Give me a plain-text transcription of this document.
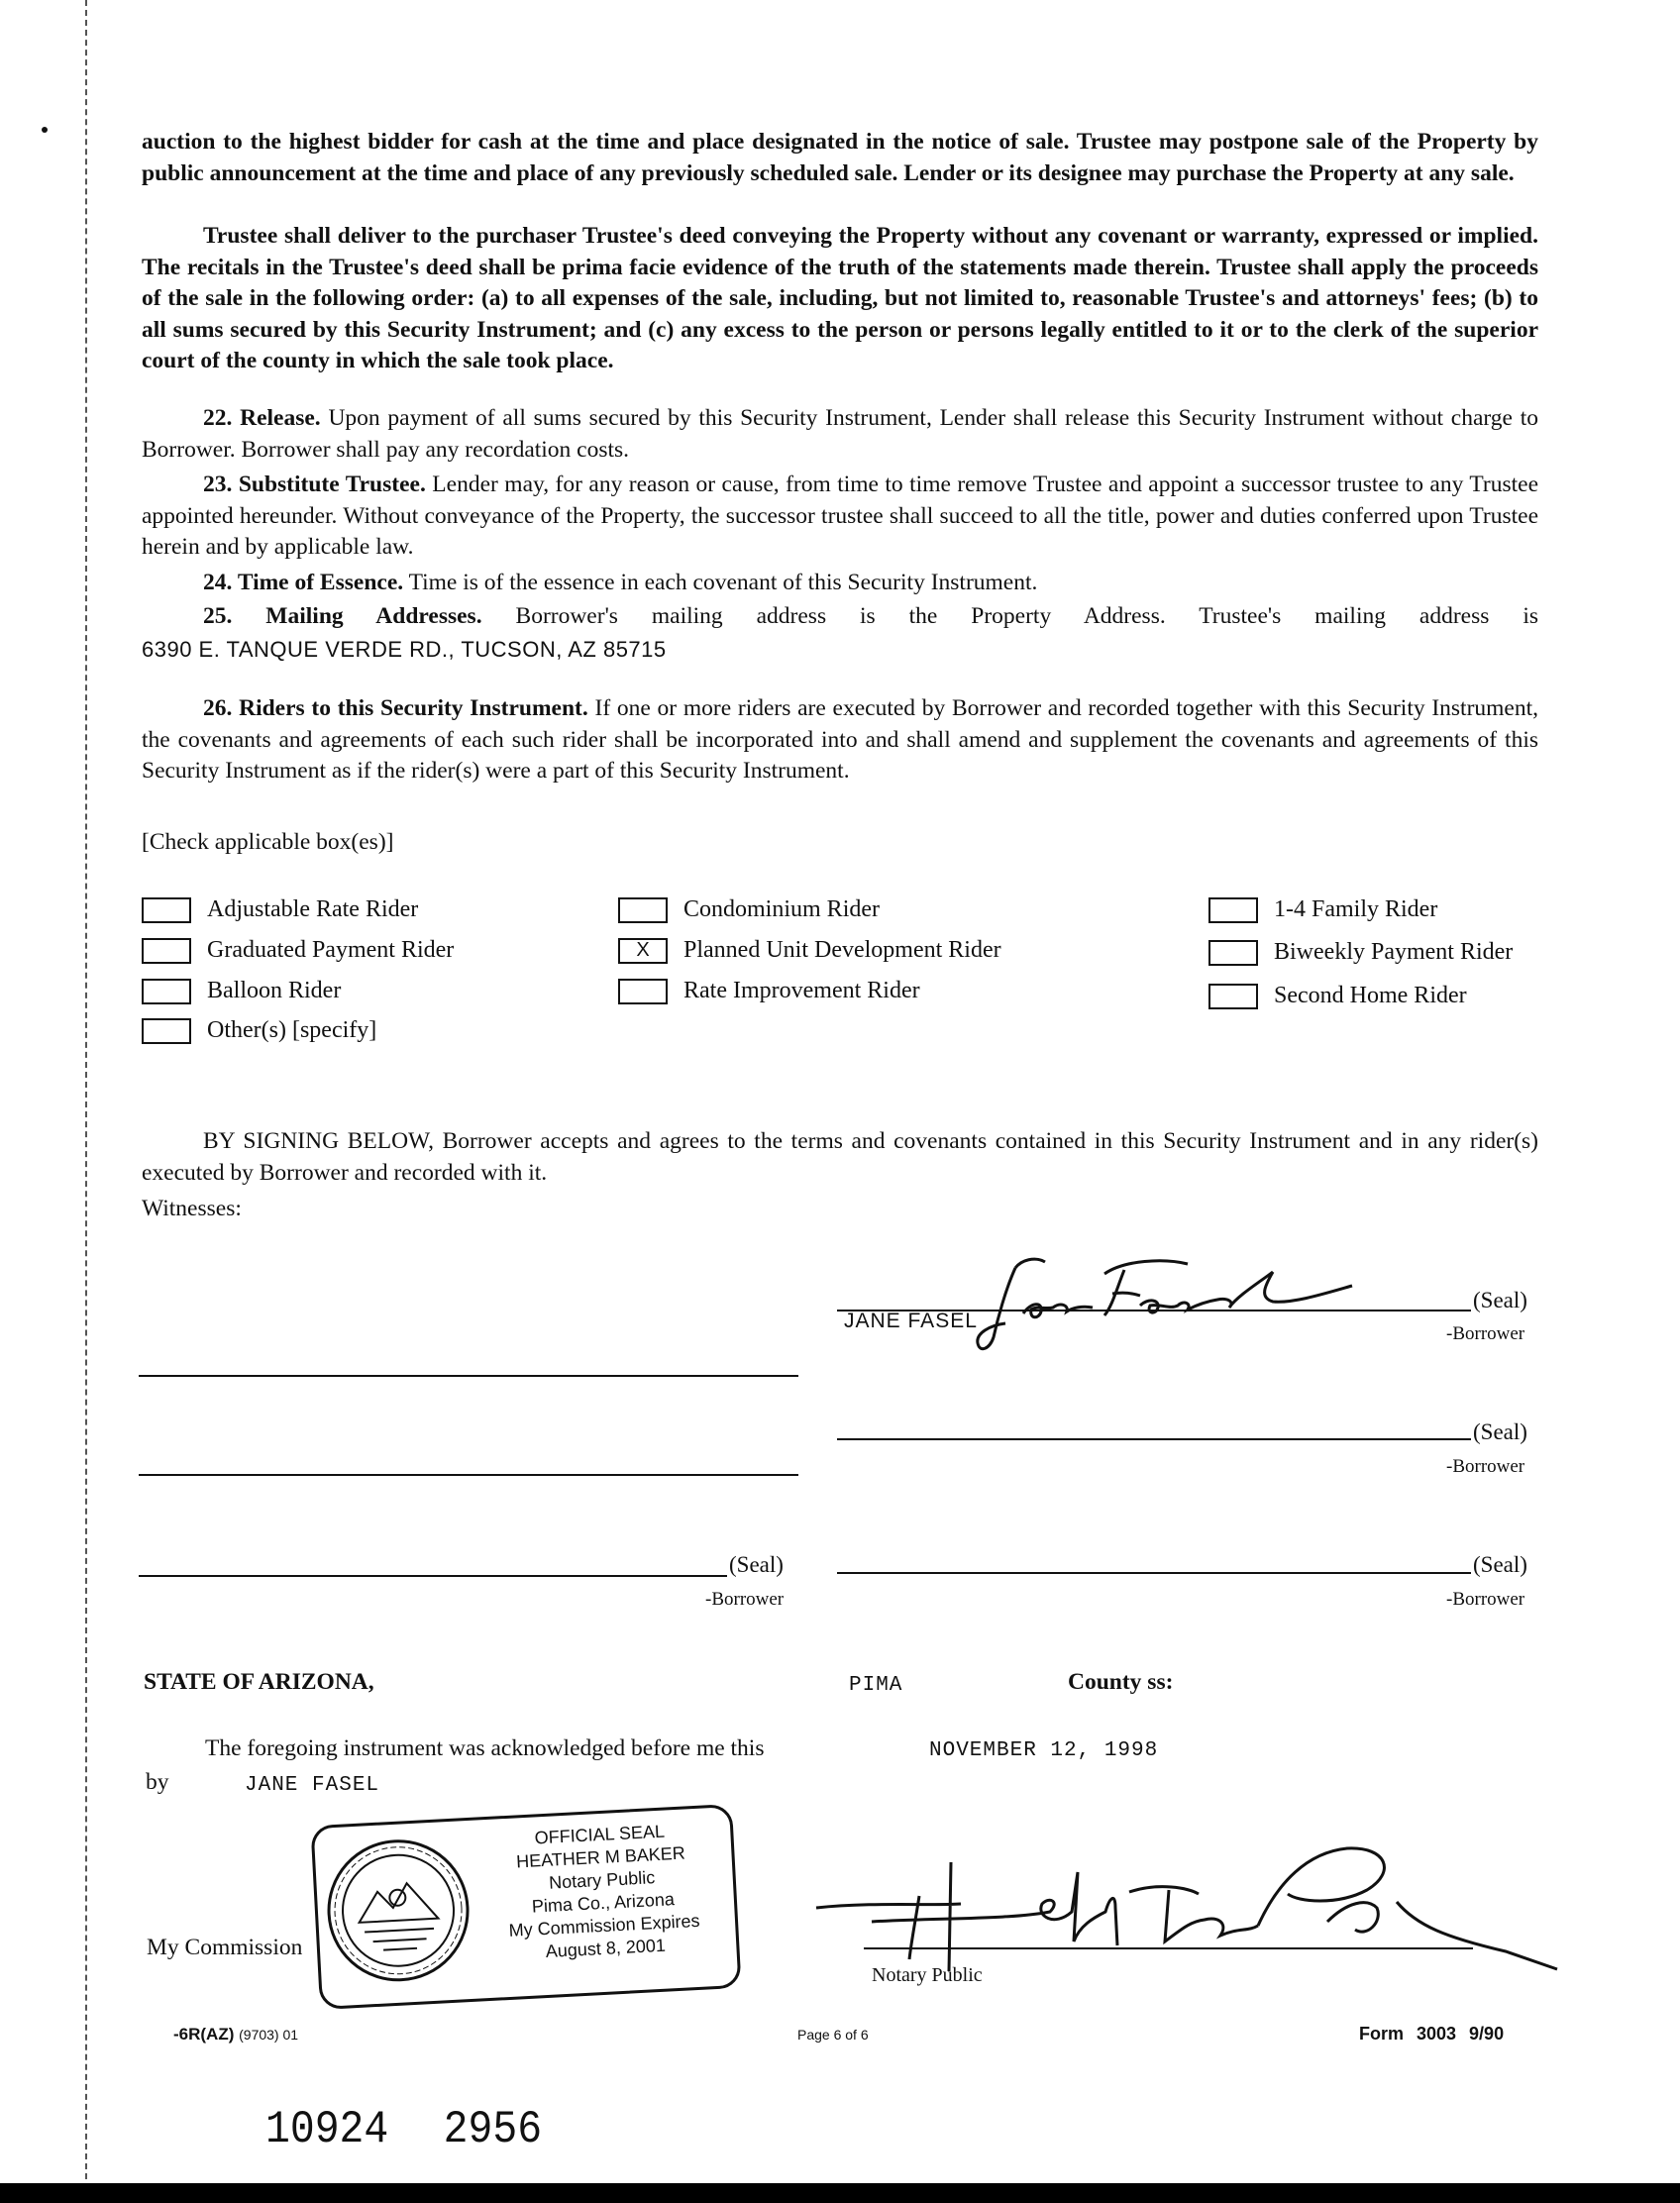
auction to the highest bidder for cash at the time and place designated in the notice of sale. Trustee may postpone sale of the Property by public announcement at the time and place of any previously scheduled sale. Lender or its designee may purchase the Property at any sale.
Trustee shall deliver to the purchaser Trustee's deed conveying the Property without any covenant or warranty, expressed or implied. The recitals in the Trustee's deed shall be prima facie evidence of the truth of the statements made therein. Trustee shall apply the proceeds of the sale in the following order: (a) to all expenses of the sale, including, but not limited to, reasonable Trustee's and attorneys' fees; (b) to all sums secured by this Security Instrument; and (c) any excess to the person or persons legally entitled to it or to the clerk of the superior court of the county in which the sale took place.
22. Release. Upon payment of all sums secured by this Security Instrument, Lender shall release this Security Instrument without charge to Borrower. Borrower shall pay any recordation costs.
23. Substitute Trustee. Lender may, for any reason or cause, from time to time remove Trustee and appoint a successor trustee to any Trustee appointed hereunder. Without conveyance of the Property, the successor trustee shall succeed to all the title, power and duties conferred upon Trustee herein and by applicable law.
24. Time of Essence. Time is of the essence in each covenant of this Security Instrument.
25. Mailing Addresses. Borrower's mailing address is the Property Address. Trustee's mailing address is
6390 E. TANQUE VERDE RD., TUCSON, AZ 85715
26. Riders to this Security Instrument. If one or more riders are executed by Borrower and recorded together with this Security Instrument, the covenants and agreements of each such rider shall be incorporated into and shall amend and supplement the covenants and agreements of this Security Instrument as if the rider(s) were a part of this Security Instrument.
[Check applicable box(es)]
Adjustable Rate Rider
Graduated Payment Rider
Balloon Rider
Other(s) [specify]
Condominium Rider
X	Planned Unit Development Rider
Rate Improvement Rider
1-4 Family Rider
Biweekly Payment Rider
Second Home Rider
BY SIGNING BELOW, Borrower accepts and agrees to the terms and covenants contained in this Security Instrument and in any rider(s) executed by Borrower and recorded with it.
Witnesses:
JANE FASEL
(Seal)
-Borrower
(Seal)
-Borrower
(Seal)
-Borrower
(Seal)
-Borrower
STATE OF ARIZONA,	PIMA	County ss:
The foregoing instrument was acknowledged before me this	NOVEMBER 12, 1998
by	JANE FASEL
My Commission
OFFICIAL SEAL
HEATHER M BAKER
Notary Public
Pima Co., Arizona
My Commission Expires
August 8, 2001
Notary Public
-6R(AZ) (9703) 01	Page 6 of 6	Form 3003 9/90
10924 2956
